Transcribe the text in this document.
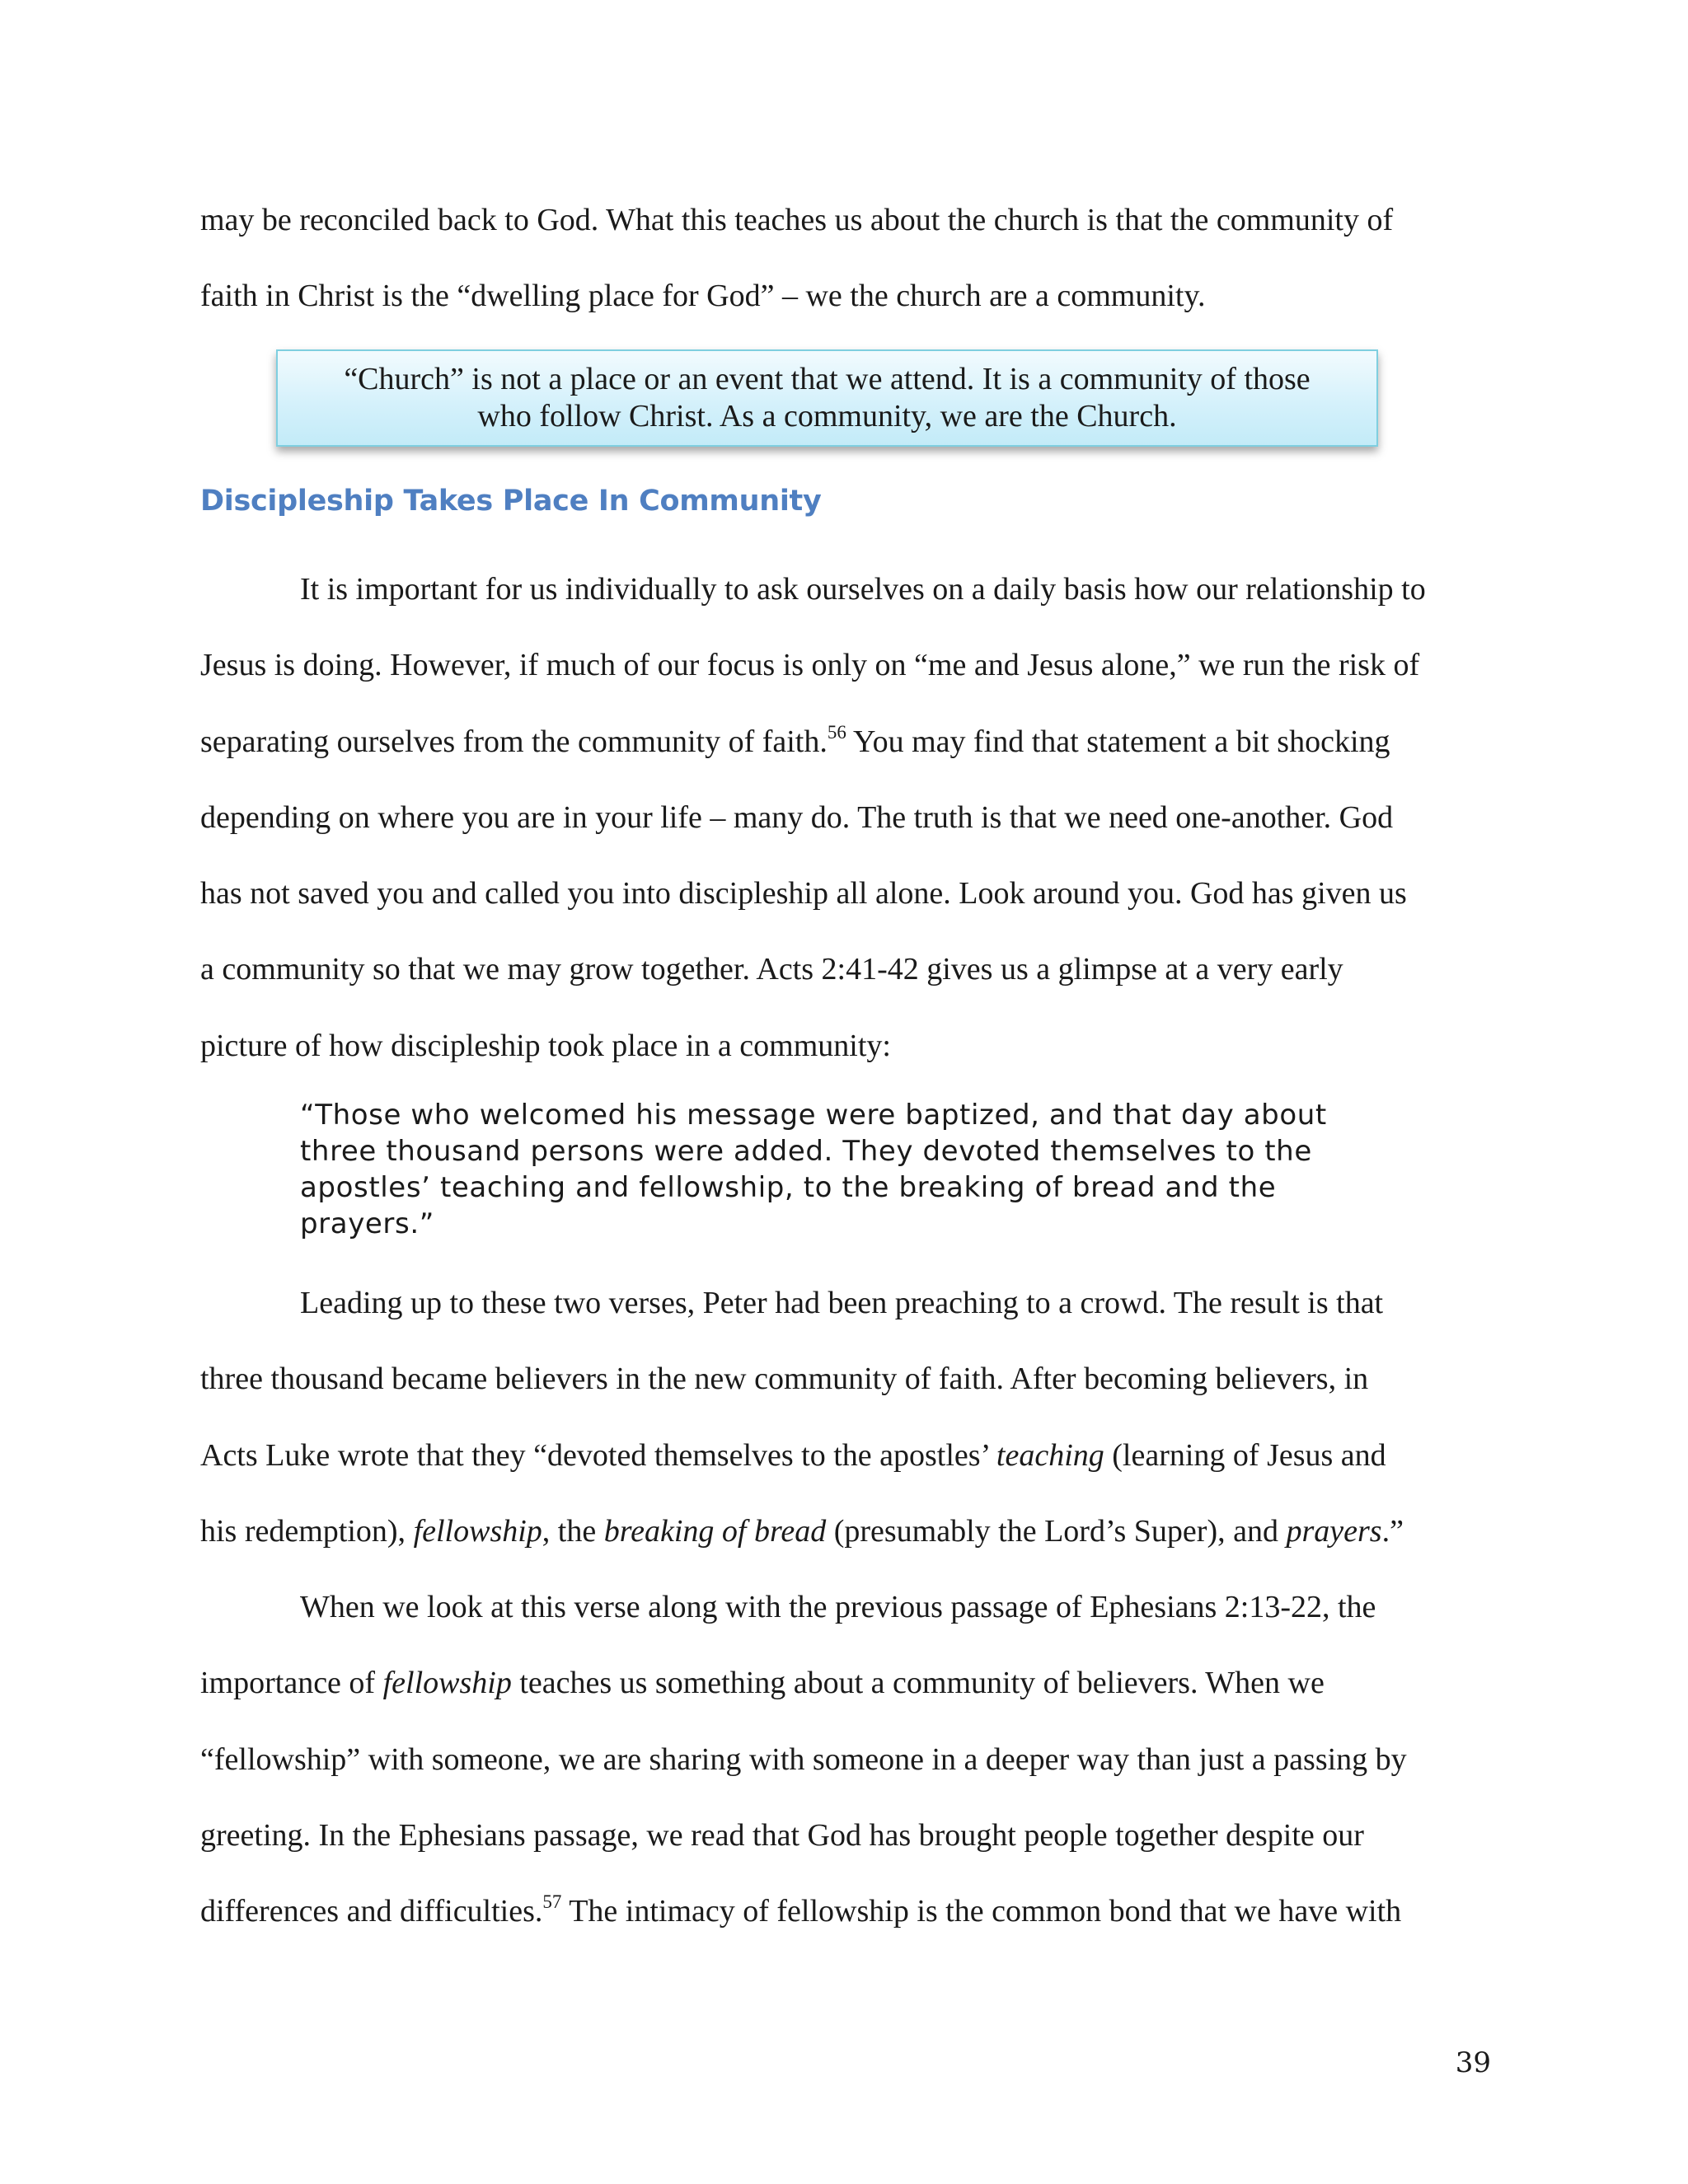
may be reconciled back to God. What this teaches us about the church is that the community of
faith in Christ is the “dwelling place for God” – we the church are a community.

“Church” is not a place or an event that we attend. It is a community of those
who follow Christ. As a community, we are the Church.
Discipleship Takes Place In Community

It is important for us individually to ask ourselves on a daily basis how our relationship to
Jesus is doing. However, if much of our focus is only on “me and Jesus alone,” we run the risk of
separating ourselves from the community of faith.$^{56}$ You may find that statement a bit shocking
depending on where you are in your life – many do. The truth is that we need one-another. God
has not saved you and called you into discipleship all alone. Look around you. God has given us
a community so that we may grow together. Acts 2:41-42 gives us a glimpse at a very early
picture of how discipleship took place in a community:

“Those who welcomed his message were baptized, and that day about
three thousand persons were added. They devoted themselves to the
apostles’ teaching and fellowship, to the breaking of bread and the
prayers.”

Leading up to these two verses, Peter had been preaching to a crowd. The result is that
three thousand became believers in the new community of faith. After becoming believers, in
Acts Luke wrote that they “devoted themselves to the apostles’ teaching (learning of Jesus and
his redemption), fellowship, the breaking of bread (presumably the Lord’s Super), and prayers.”

When we look at this verse along with the previous passage of Ephesians 2:13-22, the
importance of fellowship teaches us something about a community of believers. When we
“fellowship” with someone, we are sharing with someone in a deeper way than just a passing by
greeting. In the Ephesians passage, we read that God has brought people together despite our
differences and difficulties.$^{57}$ The intimacy of fellowship is the common bond that we have with

39
